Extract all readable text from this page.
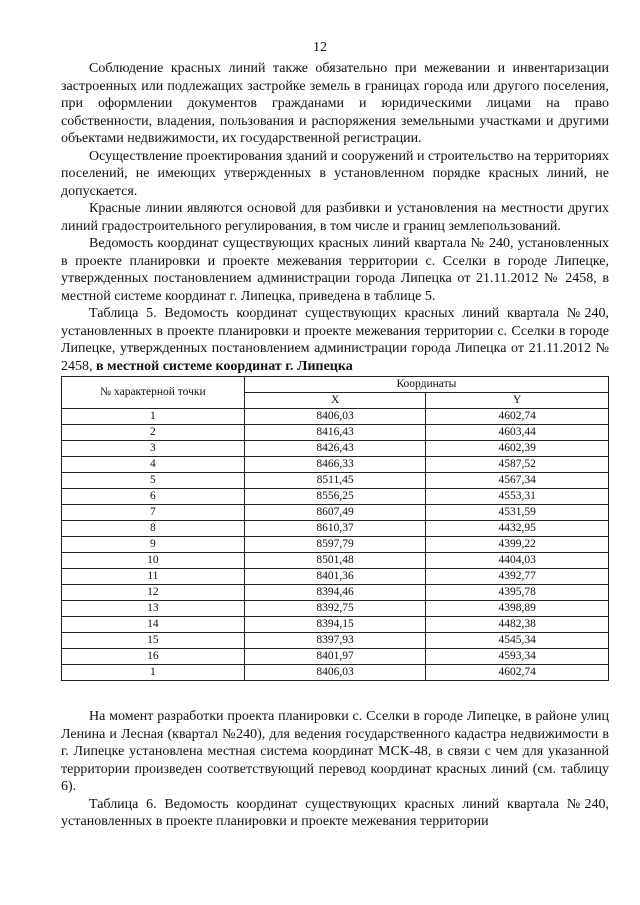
12

Соблюдение красных линий также обязательно при межевании и инвентаризации застроенных или подлежащих застройке земель в границах города или другого поселения, при оформлении документов гражданами и юридическими лицами на право собственности, владения, пользования и распоряжения земельными участками и другими объектами недвижимости, их государственной регистрации.

Осуществление проектирования зданий и сооружений и строительство на территориях поселений, не имеющих утвержденных в установленном порядке красных линий, не допускается.

Красные линии являются основой для разбивки и установления на местности других линий градостроительного регулирования, в том числе и границ землепользований.

Ведомость координат существующих красных линий квартала № 240, установленных в проекте планировки и проекте межевания территории с. Сселки в городе Липецке, утвержденных постановлением администрации города Липецка от 21.11.2012 № 2458, в местной системе координат г. Липецка, приведена в таблице 5.

Таблица 5. Ведомость координат существующих красных линий квартала №240, установленных в проекте планировки и проекте межевания территории с. Сселки в городе Липецке, утвержденных постановлением администрации города Липецка от 21.11.2012 № 2458, в местной системе координат г. Липецка

№ характерной точки	Координаты	
	X	Y
1	8406,03	4602,74
2	8416,43	4603,44
3	8426,43	4602,39
4	8466,33	4587,52
5	8511,45	4567,34
6	8556,25	4553,31
7	8607,49	4531,59
8	8610,37	4432,95
9	8597,79	4399,22
10	8501,48	4404,03
11	8401,36	4392,77
12	8394,46	4395,78
13	8392,75	4398,89
14	8394,15	4482,38
15	8397,93	4545,34
16	8401,97	4593,34
1	8406,03	4602,74

На момент разработки проекта планировки с. Сселки в городе Липецке, в районе улиц Ленина и Лесная (квартал №240), для ведения государственного кадастра недвижимости в г. Липецке установлена местная система координат МСК-48, в связи с чем для указанной территории произведен соответствующий перевод координат красных линий (см. таблицу 6).

Таблица 6. Ведомость координат существующих красных линий квартала №240, установленных в проекте планировки и проекте межевания территории
